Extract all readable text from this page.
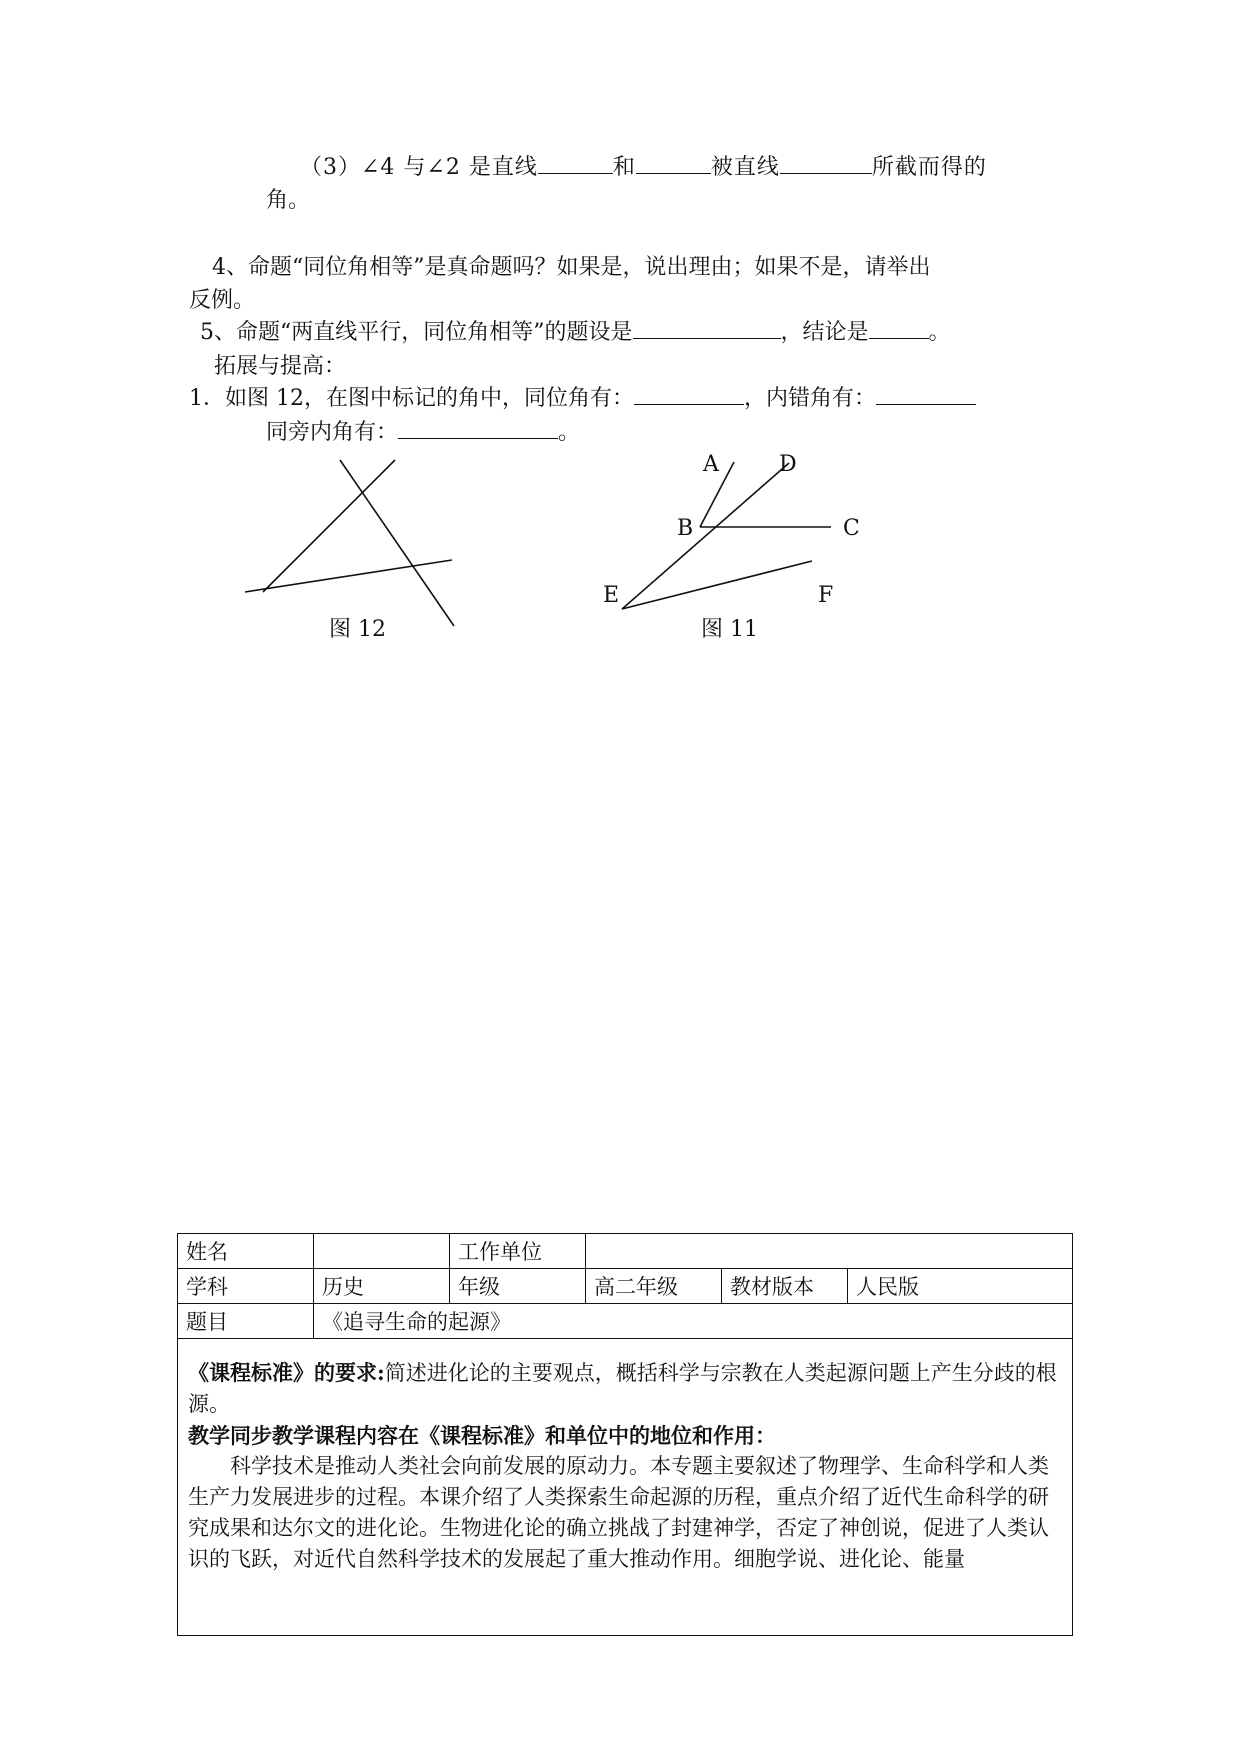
（3）∠4 与∠2 是直线	和	被直线	所截而得的
角。
4、命题“同位角相等”是真命题吗？如果是，说出理由；如果不是，请举出
反例。
5、命题“两直线平行，同位角相等”的题设是	，结论是	。
拓展与提高：
1．如图 12，在图中标记的角中，同位角有：	，内错角有：
同旁内角有：	。
A	D
B	C
E	F
图 12	图 11
姓名		工作单位			
学科	历史	年级	高二年级	教材版本	人民版
题目	《追寻生命的起源》				

《课程标准》的要求:简述进化论的主要观点，概括科学与宗教在人类起源问题上产生分歧的根源。
教学同步教学课程内容在《课程标准》和单位中的地位和作用：
科学技术是推动人类社会向前发展的原动力。本专题主要叙述了物理学、生命科学和人类生产力发展进步的过程。本课介绍了人类探索生命起源的历程，重点介绍了近代生命科学的研究成果和达尔文的进化论。生物进化论的确立挑战了封建神学，否定了神创说，促进了人类认识的飞跃，对近代自然科学技术的发展起了重大推动作用。细胞学说、进化论、能量					
